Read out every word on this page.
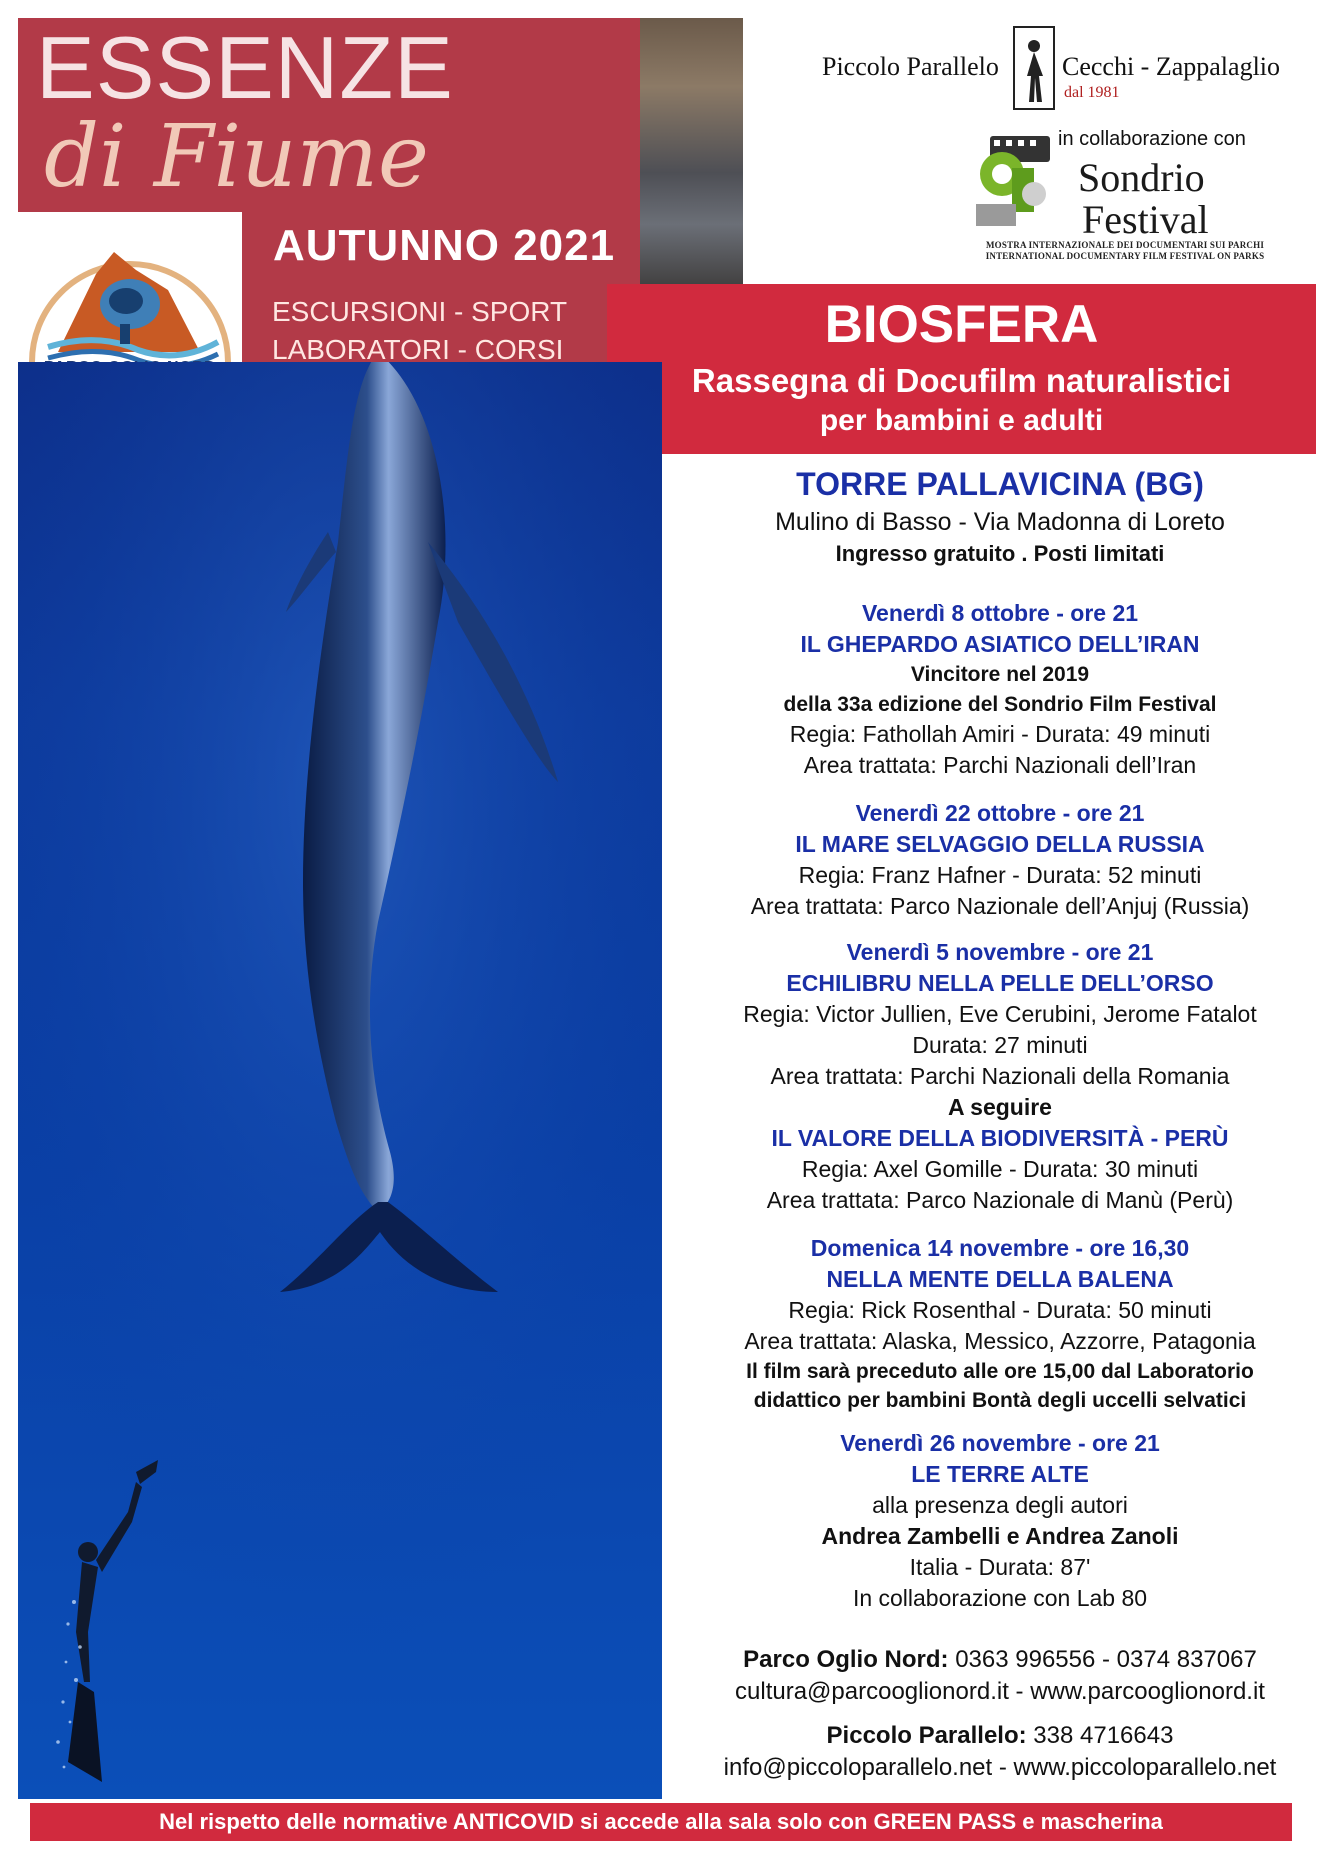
ESSENZE
di Fiume
AUTUNNO 2021
ESCURSIONI - SPORT
LABORATORI - CORSI
Piccolo Parallelo Cecchi - Zappalaglio
dal 1981
in collaborazione con
Sondrio
Festival
MOSTRA INTERNAZIONALE DEI DOCUMENTARI SUI PARCHI
INTERNATIONAL DOCUMENTARY FILM FESTIVAL ON PARKS
BIOSFERA
Rassegna di Docufilm naturalistici
per bambini e adulti
TORRE PALLAVICINA (BG)
Mulino di Basso - Via Madonna di Loreto
Ingresso gratuito . Posti limitati
Venerdì 8 ottobre - ore 21
IL GHEPARDO ASIATICO DELL’IRAN
Vincitore nel 2019
della 33a edizione del Sondrio Film Festival
Regia: Fathollah Amiri - Durata: 49 minuti
Area trattata: Parchi Nazionali dell’Iran
Venerdì 22 ottobre - ore 21
IL MARE SELVAGGIO DELLA RUSSIA
Regia: Franz Hafner - Durata: 52 minuti
Area trattata: Parco Nazionale dell’Anjuj (Russia)
Venerdì 5 novembre - ore 21
ECHILIBRU NELLA PELLE DELL’ORSO
Regia: Victor Jullien, Eve Cerubini, Jerome Fatalot
Durata: 27 minuti
Area trattata: Parchi Nazionali della Romania
A seguire
IL VALORE DELLA BIODIVERSITÀ - PERÙ
Regia: Axel Gomille - Durata: 30 minuti
Area trattata: Parco Nazionale di Manù (Perù)
Domenica 14 novembre - ore 16,30
NELLA MENTE DELLA BALENA
Regia: Rick Rosenthal - Durata: 50 minuti
Area trattata: Alaska, Messico, Azzorre, Patagonia
Il film sarà preceduto alle ore 15,00 dal Laboratorio
didattico per bambini Bontà degli uccelli selvatici
Venerdì 26 novembre - ore 21
LE TERRE ALTE
alla presenza degli autori
Andrea Zambelli e Andrea Zanoli
Italia - Durata: 87'
In collaborazione con Lab 80
Parco Oglio Nord: 0363 996556 - 0374 837067
cultura@parcooglionord.it - www.parcooglionord.it
Piccolo Parallelo: 338 4716643
info@piccoloparallelo.net - www.piccoloparallelo.net
Nel rispetto delle normative ANTICOVID si accede alla sala solo con GREEN PASS e mascherina
